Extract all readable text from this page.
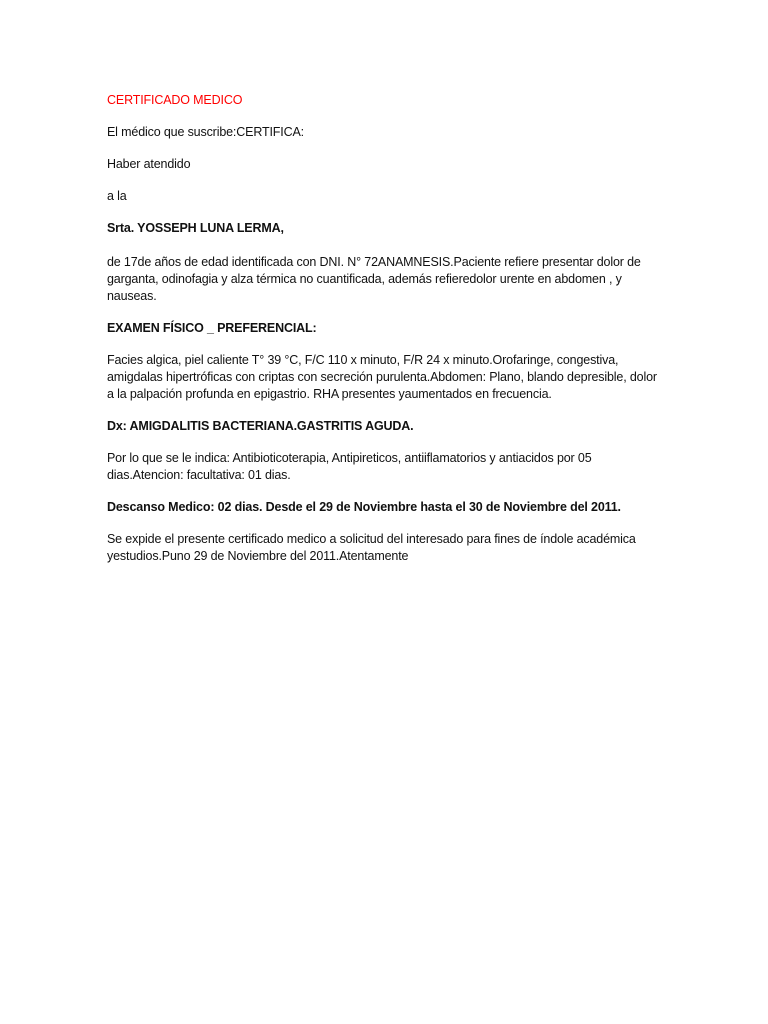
CERTIFICADO MEDICO

El médico que suscribe:CERTIFICA:

Haber atendido

a la

Srta. YOSSEPH LUNA LERMA,

de 17de años de edad identificada con DNI. N° 72ANAMNESIS.Paciente refiere presentar dolor de garganta, odinofagia y alza térmica no cuantificada, además refieredolor urente en abdomen , y nauseas.

EXAMEN FÍSICO _ PREFERENCIAL:

Facies algica, piel caliente T° 39 °C, F/C 110 x minuto, F/R 24 x minuto.Orofaringe, congestiva, amigdalas hipertróficas con criptas con secreción purulenta.Abdomen: Plano, blando depresible, dolor a la palpación profunda en epigastrio. RHA presentes yaumentados en frecuencia.

Dx: AMIGDALITIS BACTERIANA.GASTRITIS AGUDA.

Por lo que se le indica: Antibioticoterapia, Antipireticos, antiiflamatorios y antiacidos por 05 dias.Atencion: facultativa: 01 dias.

Descanso Medico: 02 dias. Desde el 29 de Noviembre hasta el 30 de Noviembre del 2011.

Se expide el presente certificado medico a solicitud del interesado para fines de índole académica yestudios.Puno 29 de Noviembre del 2011.Atentamente
